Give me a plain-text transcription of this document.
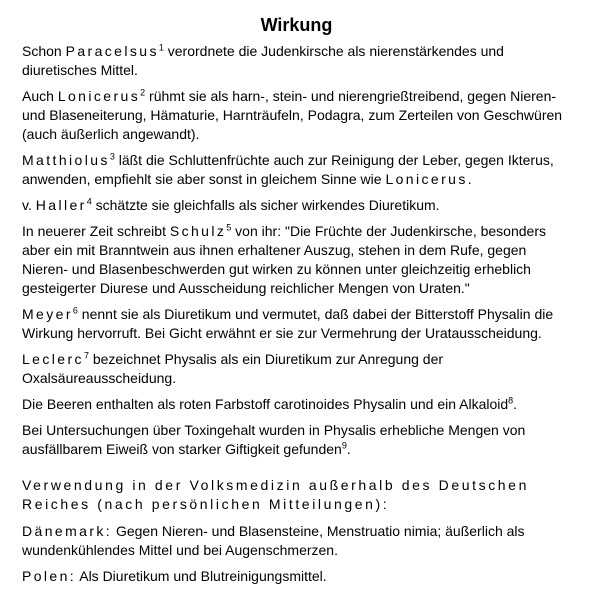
Wirkung

Schon Paracelsus$^1$ verordnete die Judenkirsche als nierenstärkendes und diuretisches Mittel.

Auch Lonicerus$^2$ rühmt sie als harn-, stein- und nierengrießtreibend, gegen Nieren- und Blaseneiterung, Hämaturie, Harnträufeln, Podagra, zum Zerteilen von Geschwüren (auch äußerlich angewandt).

Matthiolus$^3$ läßt die Schluttenfrüchte auch zur Reinigung der Leber, gegen Ikterus, anwenden, empfiehlt sie aber sonst in gleichem Sinne wie Lonicerus.

v. Haller$^4$ schätzte sie gleichfalls als sicher wirkendes Diuretikum.

In neuerer Zeit schreibt Schulz$^5$ von ihr: "Die Früchte der Judenkirsche, besonders aber ein mit Branntwein aus ihnen erhaltener Auszug, stehen in dem Rufe, gegen Nieren- und Blasenbeschwerden gut wirken zu können unter gleichzeitig erheblich gesteigerter Diurese und Ausscheidung reichlicher Mengen von Uraten."

Meyer$^6$ nennt sie als Diuretikum und vermutet, daß dabei der Bitterstoff Physalin die Wirkung hervorruft. Bei Gicht erwähnt er sie zur Vermehrung der Uratausscheidung.

Leclerc$^7$ bezeichnet Physalis als ein Diuretikum zur Anregung der Oxalsäureausscheidung.

Die Beeren enthalten als roten Farbstoff carotinoides Physalin und ein Alkaloid$^8$.

Bei Untersuchungen über Toxingehalt wurden in Physalis erhebliche Mengen von ausfällbarem Eiweiß von starker Giftigkeit gefunden$^9$.

Verwendung in der Volksmedizin außerhalb des Deutschen Reiches (nach persönlichen Mitteilungen):

Dänemark: Gegen Nieren- und Blasensteine, Menstruatio nimia; äußerlich als wundenkühlendes Mittel und bei Augenschmerzen.

Polen: Als Diuretikum und Blutreinigungsmittel.
